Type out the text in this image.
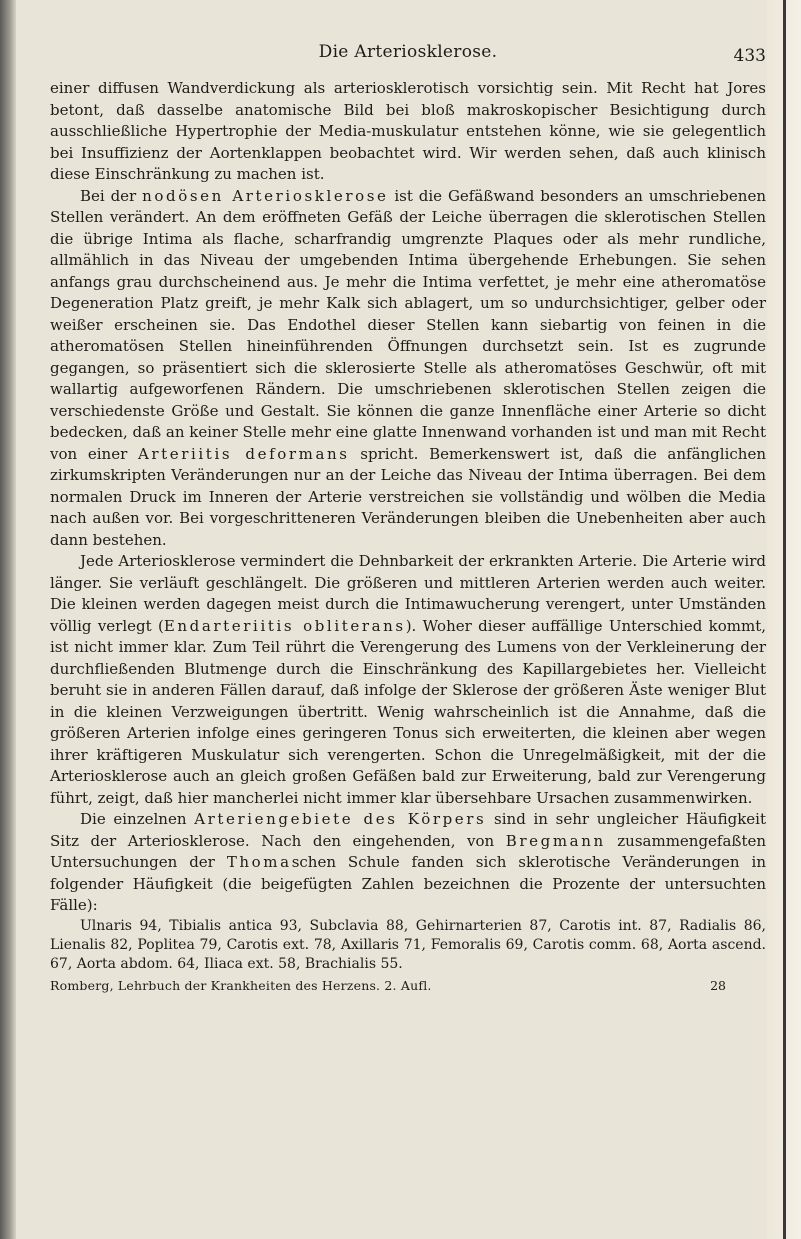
Die Arteriosklerose.	433

einer diffusen Wandverdickung als arteriosklerotisch vorsichtig sein. Mit Recht hat Jores betont, daß dasselbe anatomische Bild bei bloß makroskopischer Besichtigung durch ausschließliche Hypertrophie der Media-muskulatur entstehen könne, wie sie gelegentlich bei Insuffizienz der Aortenklappen beobachtet wird. Wir werden sehen, daß auch klinisch diese Einschränkung zu machen ist.

Bei der nodösen Arteriosklerose ist die Gefäßwand besonders an umschriebenen Stellen verändert. An dem eröffneten Gefäß der Leiche überragen die sklerotischen Stellen die übrige Intima als flache, scharfrandig umgrenzte Plaques oder als mehr rundliche, allmählich in das Niveau der umgebenden Intima übergehende Erhebungen. Sie sehen anfangs grau durchscheinend aus. Je mehr die Intima verfettet, je mehr eine atheromatöse Degeneration Platz greift, je mehr Kalk sich ablagert, um so undurchsichtiger, gelber oder weißer erscheinen sie. Das Endothel dieser Stellen kann siebartig von feinen in die atheromatösen Stellen hineinführenden Öffnungen durchsetzt sein. Ist es zugrunde gegangen, so präsentiert sich die sklerosierte Stelle als atheromatöses Geschwür, oft mit wallartig aufgeworfenen Rändern. Die umschriebenen sklerotischen Stellen zeigen die verschiedenste Größe und Gestalt. Sie können die ganze Innenfläche einer Arterie so dicht bedecken, daß an keiner Stelle mehr eine glatte Innenwand vorhanden ist und man mit Recht von einer Arteriitis deformans spricht. Bemerkenswert ist, daß die anfänglichen zirkumskripten Veränderungen nur an der Leiche das Niveau der Intima überragen. Bei dem normalen Druck im Inneren der Arterie verstreichen sie vollständig und wölben die Media nach außen vor. Bei vorgeschritteneren Veränderungen bleiben die Unebenheiten aber auch dann bestehen.

Jede Arteriosklerose vermindert die Dehnbarkeit der erkrankten Arterie. Die Arterie wird länger. Sie verläuft geschlängelt. Die größeren und mittleren Arterien werden auch weiter. Die kleinen werden dagegen meist durch die Intimawucherung verengert, unter Umständen völlig verlegt (Endarteriitis obliterans). Woher dieser auffällige Unterschied kommt, ist nicht immer klar. Zum Teil rührt die Verengerung des Lumens von der Verkleinerung der durchfließenden Blutmenge durch die Einschränkung des Kapillargebietes her. Vielleicht beruht sie in anderen Fällen darauf, daß infolge der Sklerose der größeren Äste weniger Blut in die kleinen Verzweigungen übertritt. Wenig wahrscheinlich ist die Annahme, daß die größeren Arterien infolge eines geringeren Tonus sich erweiterten, die kleinen aber wegen ihrer kräftigeren Muskulatur sich verengerten. Schon die Unregelmäßigkeit, mit der die Arteriosklerose auch an gleich großen Gefäßen bald zur Erweiterung, bald zur Verengerung führt, zeigt, daß hier mancherlei nicht immer klar übersehbare Ursachen zusammenwirken.

Die einzelnen Arteriengebiete des Körpers sind in sehr ungleicher Häufigkeit Sitz der Arteriosklerose. Nach den eingehenden, von Bregmann zusammengefaßten Untersuchungen der Thomaschen Schule fanden sich sklerotische Veränderungen in folgender Häufigkeit (die beigefügten Zahlen bezeichnen die Prozente der untersuchten Fälle):

Ulnaris 94, Tibialis antica 93, Subclavia 88, Gehirnarterien 87, Carotis int. 87, Radialis 86, Lienalis 82, Poplitea 79, Carotis ext. 78, Axillaris 71, Femoralis 69, Carotis comm. 68, Aorta ascend. 67, Aorta abdom. 64, Iliaca ext. 58, Brachialis 55.

Romberg, Lehrbuch der Krankheiten des Herzens. 2. Aufl.	28
